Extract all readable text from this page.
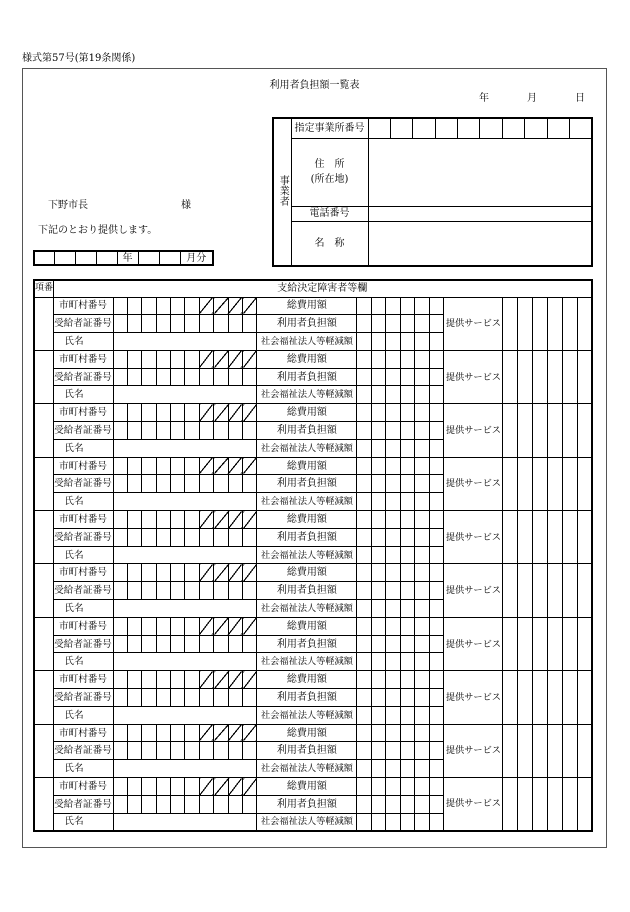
様式第57号(第19条関係)
利用者負担額一覧表
年	月	日
下野市長	様
下記のとおり提供します。
				年			月分
事業者	指定事業所番号										

	住　所
(所在地)										

	電話番号										
	名　称										
項番	支給決定障害者等欄																								
	市町村番号											総費用額							提供サービス						
	受給者証番号											利用者負担額													
	氏名											社会福祉法人等軽減額													
	市町村番号											総費用額							提供サービス						
	受給者証番号											利用者負担額													
	氏名											社会福祉法人等軽減額													
	市町村番号											総費用額							提供サービス						
	受給者証番号											利用者負担額													
	氏名											社会福祉法人等軽減額													
	市町村番号											総費用額							提供サービス						
	受給者証番号											利用者負担額													
	氏名											社会福祉法人等軽減額													
	市町村番号											総費用額							提供サービス						
	受給者証番号											利用者負担額													
	氏名											社会福祉法人等軽減額													
	市町村番号											総費用額							提供サービス						
	受給者証番号											利用者負担額													
	氏名											社会福祉法人等軽減額													
	市町村番号											総費用額							提供サービス						
	受給者証番号											利用者負担額													
	氏名											社会福祉法人等軽減額													
	市町村番号											総費用額							提供サービス						
	受給者証番号											利用者負担額													
	氏名											社会福祉法人等軽減額													
	市町村番号											総費用額							提供サービス						
	受給者証番号											利用者負担額													
	氏名											社会福祉法人等軽減額													
	市町村番号											総費用額							提供サービス						
	受給者証番号											利用者負担額													
	氏名											社会福祉法人等軽減額													
